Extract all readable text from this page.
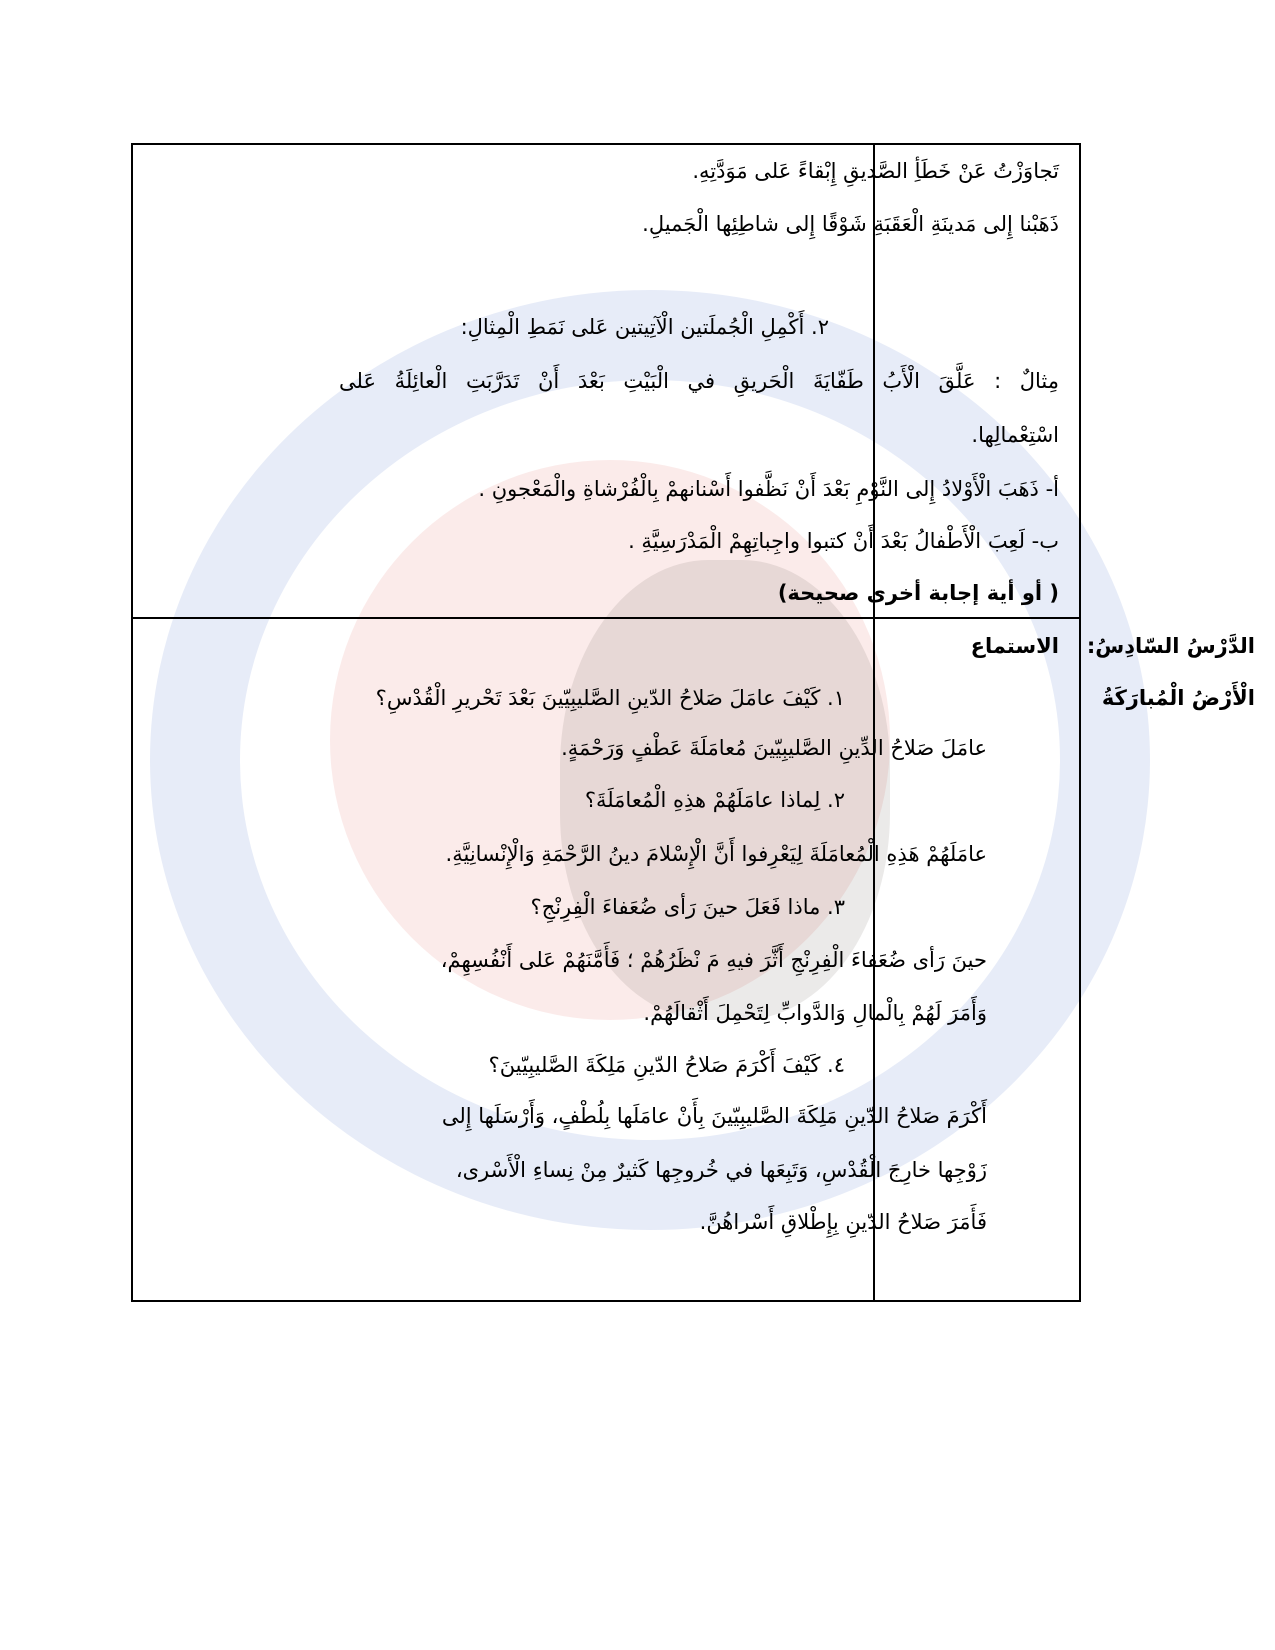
تَجاوَزْتُ عَنْ خَطَأِ الصَّديقِ إِبْقاءً عَلى مَوَدَّتِهِ.
ذَهَبْنا إِلى مَدينَةِ الْعَقَبَةِ شَوْقًا إِلى شاطِئِها الْجَميلِ.
٢. أَكْمِلِ الْجُملَتين الْآتِيتين عَلى نَمَطِ الْمِثالِ:
مِثالٌ : عَلَّقَ الْأَبُ طَفّايَةَ الْحَريقِ في الْبَيْتِ بَعْدَ أَنْ تَدَرَّبَتِ الْعائِلَةُ عَلى
اسْتِعْمالِها.
أ- ذَهَبَ الْأَوْلادُ إِلى النَّوْمِ بَعْدَ أَنْ نَظَّفوا أَسْنانهمْ بِالْفُرْشاةِ والْمَعْجونِ .
ب- لَعِبَ الْأَطْفالُ بَعْدَ أَنْ كتبوا واجِباتِهِمْ الْمَدْرَسِيَّةِ .
( أو أية إجابة أخرى صحيحة)
الدَّرْسُ السّادِسُ:
الْأَرْضُ الْمُبارَكَةُ
الاستماع
١. كَيْفَ عامَلَ صَلاحُ الدّينِ الصَّليبِيّينَ بَعْدَ تَحْريرِ الْقُدْسِ؟
عامَلَ صَلاحُ الدِّينِ الصَّليبِيّينَ مُعامَلَةَ عَطْفٍ وَرَحْمَةٍ.
٢. لِماذا عامَلَهُمْ هذِهِ الْمُعامَلَةَ؟
عامَلَهُمْ هَذِهِ الْمُعامَلَةَ لِيَعْرِفوا أَنَّ الْإِسْلامَ دينُ الرَّحْمَةِ وَالْإِنْسانِيَّةِ.
٣. ماذا فَعَلَ حينَ رَأى ضُعَفاءَ الْفِرِنْجِ؟
حينَ رَأى ضُعَفاءَ الْفِرِنْجِ أَثَّرَ فيهِ مَ نْظَرُهُمْ ؛ فَأَمَّنَهُمْ عَلى أَنْفُسِهِمْ،
وَأَمَرَ لَهُمْ بِالْمالِ وَالدَّوابِّ لِتَحْمِلَ أَثْقالَهُمْ.
٤. كَيْفَ أَكْرَمَ صَلاحُ الدّينِ مَلِكَةَ الصَّليبِيّينَ؟
أَكْرَمَ صَلاحُ الدّينِ مَلِكَةَ الصَّليبِيّينَ بِأَنْ عامَلَها بِلُطْفٍ، وَأَرْسَلَها إِلى
زَوْجِها خارِجَ الْقُدْسِ، وَتَبِعَها في خُروجِها كَثيرٌ مِنْ نِساءِ الْأَسْرى،
فَأَمَرَ صَلاحُ الدّينِ بِإِطْلاقِ أَسْراهُنَّ.
